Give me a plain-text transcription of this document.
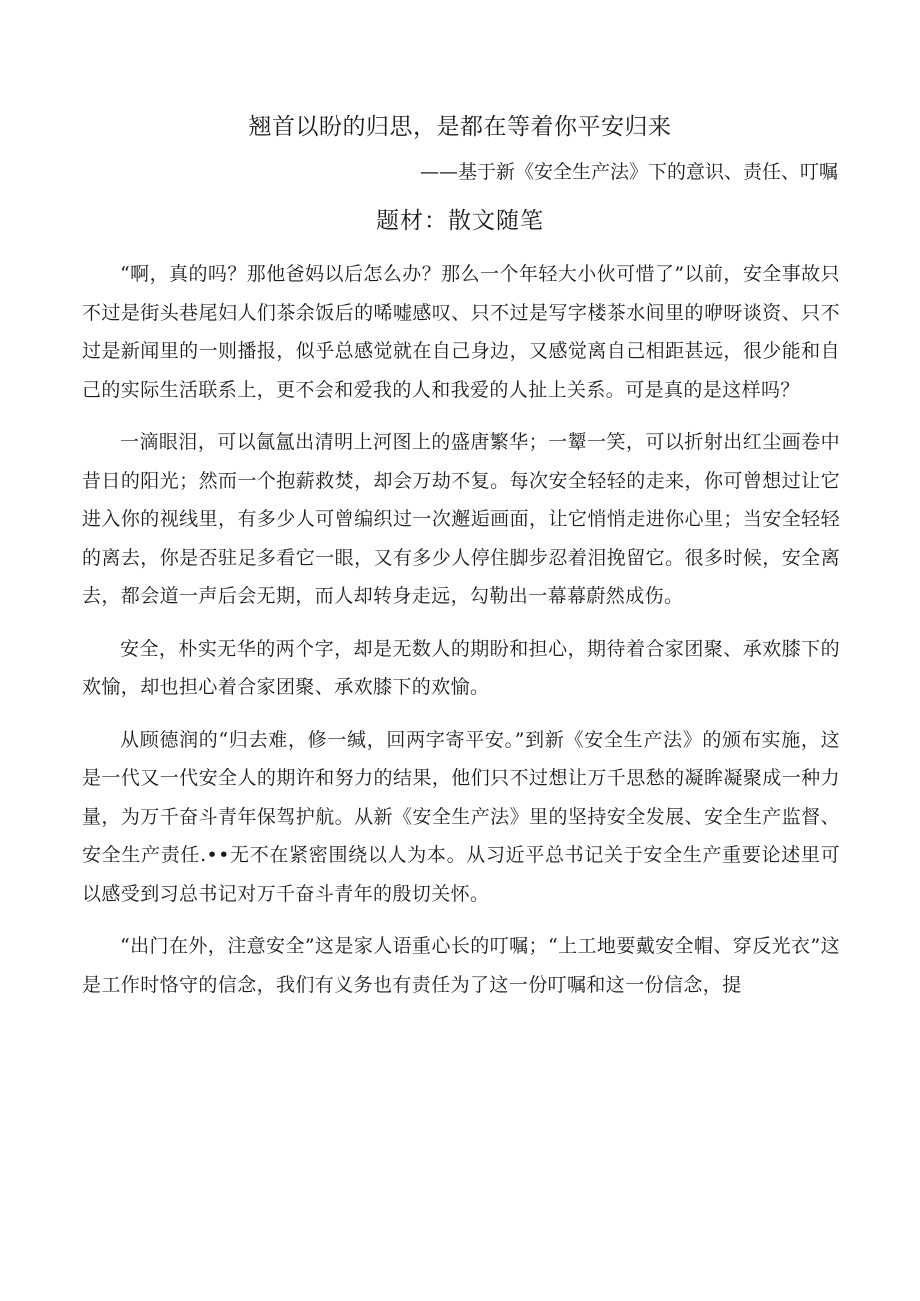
翘首以盼的归思，是都在等着你平安归来
——基于新《安全生产法》下的意识、责任、叮嘱
题材：散文随笔

“啊，真的吗？那他爸妈以后怎么办？那么一个年轻大小伙可惜了”以前，安全事故只不过是街头巷尾妇人们茶余饭后的唏嘘感叹、只不过是写字楼茶水间里的咿呀谈资、只不过是新闻里的一则播报，似乎总感觉就在自己身边，又感觉离自己相距甚远，很少能和自己的实际生活联系上，更不会和爱我的人和我爱的人扯上关系。可是真的是这样吗？

一滴眼泪，可以氤氲出清明上河图上的盛唐繁华；一颦一笑，可以折射出红尘画卷中昔日的阳光；然而一个抱薪救焚，却会万劫不复。每次安全轻轻的走来，你可曾想过让它进入你的视线里，有多少人可曾编织过一次邂逅画面，让它悄悄走进你心里；当安全轻轻的离去，你是否驻足多看它一眼，又有多少人停住脚步忍着泪挽留它。很多时候，安全离去，都会道一声后会无期，而人却转身走远，勾勒出一幕幕蔚然成伤。

安全，朴实无华的两个字，却是无数人的期盼和担心，期待着合家团聚、承欢膝下的欢愉，却也担心着合家团聚、承欢膝下的欢愉。

从顾德润的“归去难，修一缄，回两字寄平安。”到新《安全生产法》的颁布实施，这是一代又一代安全人的期许和努力的结果，他们只不过想让万千思愁的凝眸凝聚成一种力量，为万千奋斗青年保驾护航。从新《安全生产法》里的坚持安全发展、安全生产监督、安全生产责任.••无不在紧密围绕以人为本。从习近平总书记关于安全生产重要论述里可以感受到习总书记对万千奋斗青年的殷切关怀。

“出门在外，注意安全”这是家人语重心长的叮嘱；“上工地要戴安全帽、穿反光衣”这是工作时恪守的信念，我们有义务也有责任为了这一份叮嘱和这一份信念，提
